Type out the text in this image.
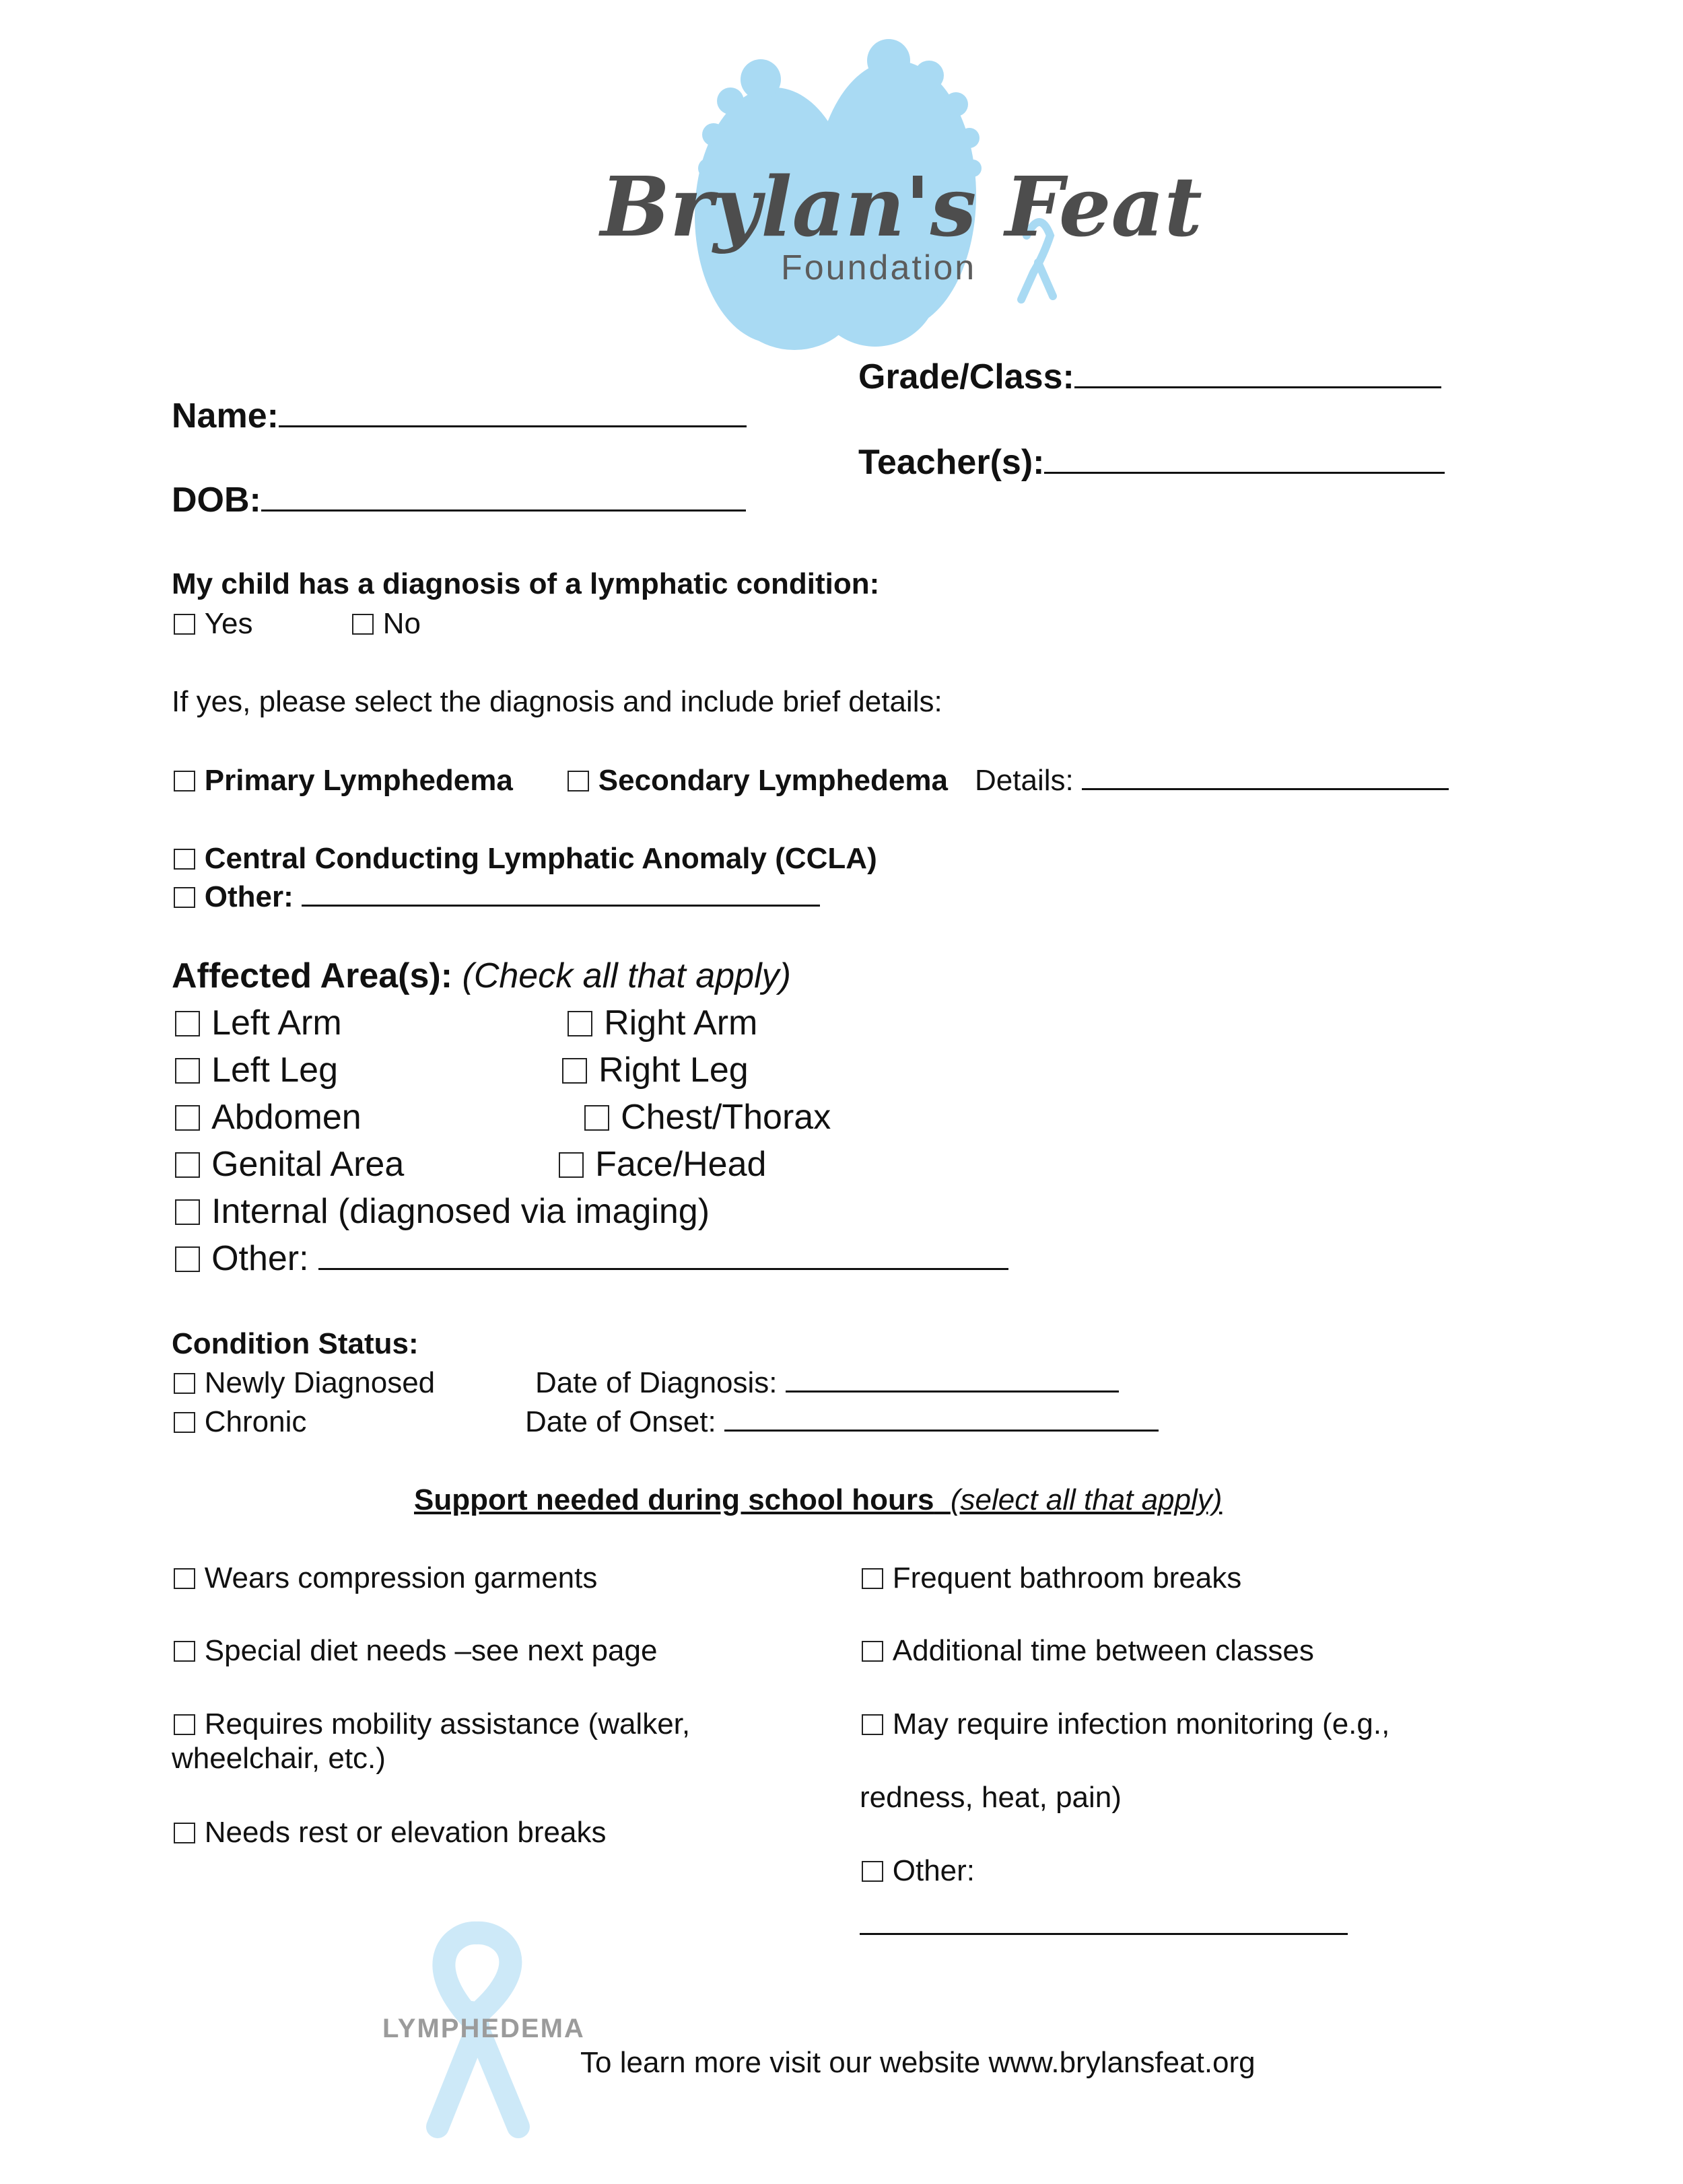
Brylan's Feat
Foundation
Grade/Class:
Name:
Teacher(s):
DOB:
My child has a diagnosis of a lymphatic condition:
Yes	No
If yes, please select the diagnosis and include brief details:
Primary Lymphedema	Secondary Lymphedema Details:
Central Conducting Lymphatic Anomaly (CCLA)
Other:
Affected Area(s): (Check all that apply)
Left Arm	Right Arm
Left Leg	Right Leg
Abdomen	Chest/Thorax
Genital Area	Face/Head
Internal (diagnosed via imaging)
Other:
Condition Status:
Newly Diagnosed	Date of Diagnosis:
Chronic	Date of Onset:
Support needed during school hours (select all that apply)
Wears compression garments	Frequent bathroom breaks
Special diet needs –see next page	Additional time between classes
Requires mobility assistance (walker,
wheelchair, etc.)
May require infection monitoring (e.g.,
redness, heat, pain)
Needs rest or elevation breaks
Other:
LYMPHEDEMA
To learn more visit our website www.brylansfeat.org
